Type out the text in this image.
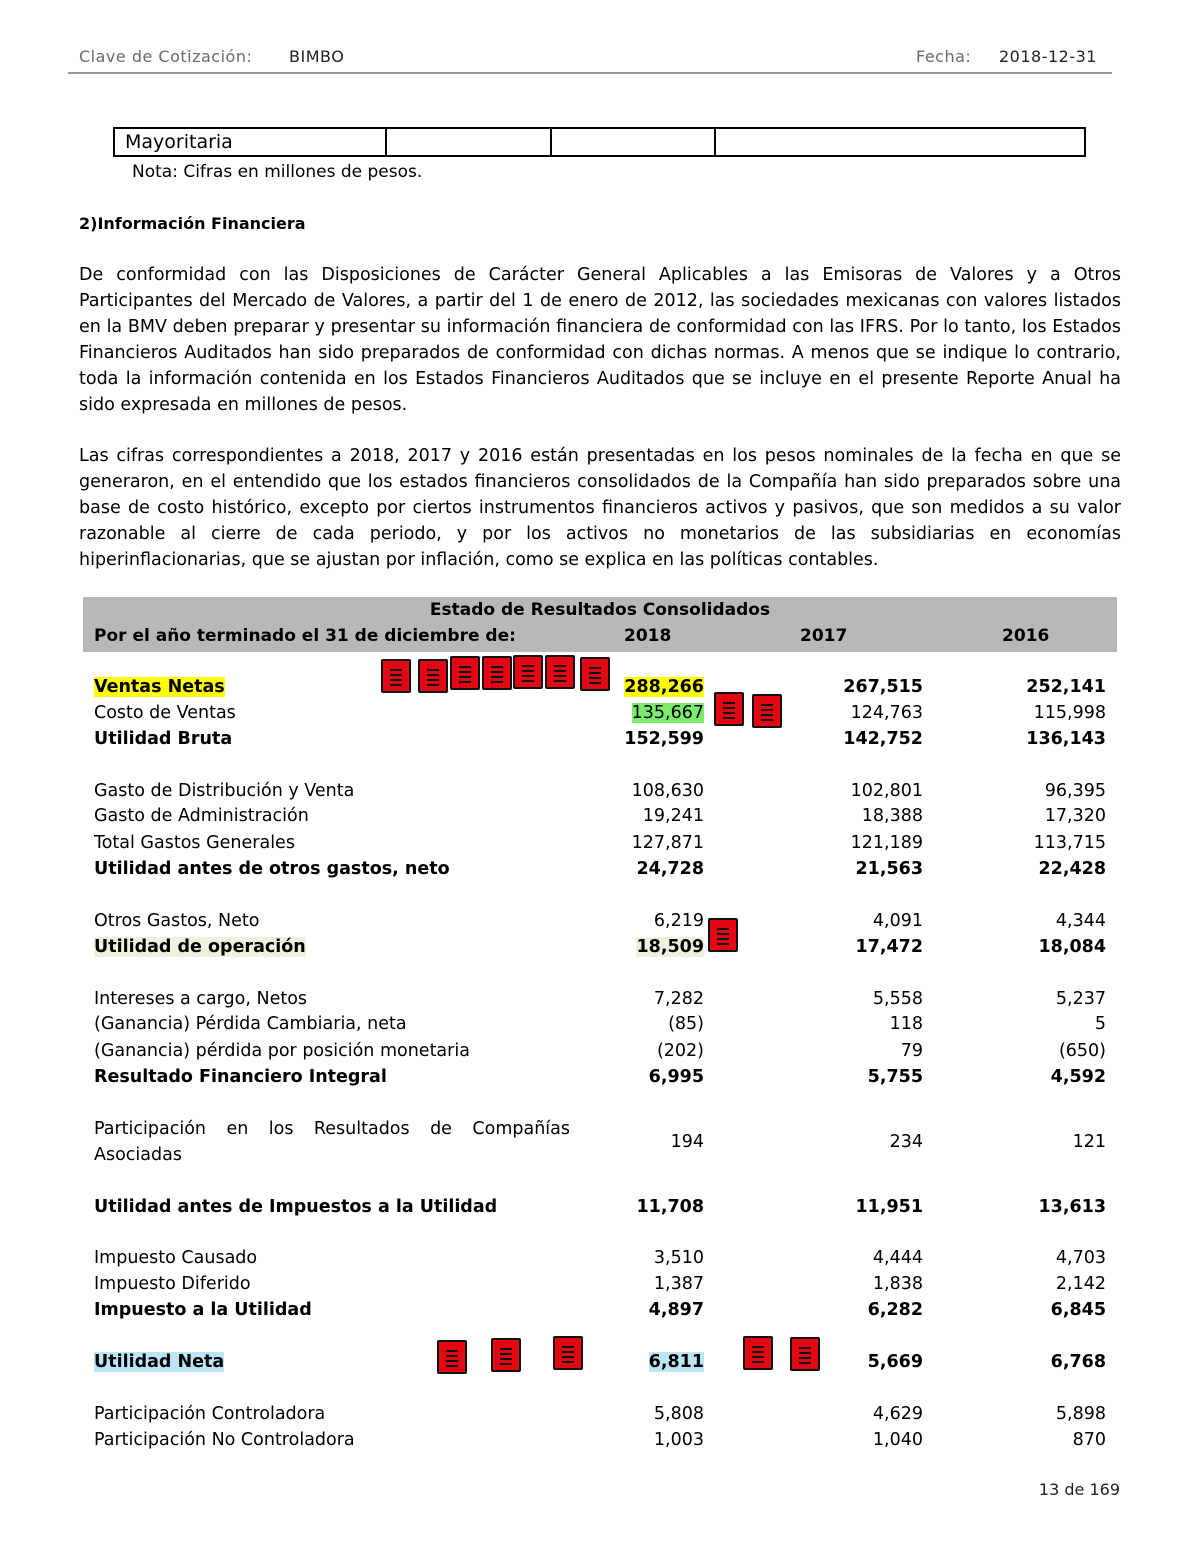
Clave de Cotización: BIMBO	Fecha: 2018-12-31
Mayoritaria
Nota: Cifras en millones de pesos.
2)Información Financiera

De conformidad con las Disposiciones de Carácter General Aplicables a las Emisoras de Valores y a Otros Participantes del Mercado de Valores, a partir del 1 de enero de 2012, las sociedades mexicanas con valores listados en la BMV deben preparar y presentar su información financiera de conformidad con las IFRS. Por lo tanto, los Estados Financieros Auditados han sido preparados de conformidad con dichas normas. A menos que se indique lo contrario, toda la información contenida en los Estados Financieros Auditados que se incluye en el presente Reporte Anual ha sido expresada en millones de pesos.

Las cifras correspondientes a 2018, 2017 y 2016 están presentadas en los pesos nominales de la fecha en que se generaron, en el entendido que los estados financieros consolidados de la Compañía han sido preparados sobre una base de costo histórico, excepto por ciertos instrumentos financieros activos y pasivos, que son medidos a su valor razonable al cierre de cada periodo, y por los activos no monetarios de las subsidiarias en economías hiperinflacionarias, que se ajustan por inflación, como se explica en las políticas contables.

Estado de Resultados Consolidados
Por el año terminado el 31 de diciembre de:	2018	2017	2016
Ventas Netas	288,266	267,515	252,141
Costo de Ventas	135,667	124,763	115,998
Utilidad Bruta	152,599	142,752	136,143
Gasto de Distribución y Venta	108,630	102,801	96,395
Gasto de Administración	19,241	18,388	17,320
Total Gastos Generales	127,871	121,189	113,715
Utilidad antes de otros gastos, neto	24,728	21,563	22,428
Otros Gastos, Neto	6,219	4,091	4,344
Utilidad de operación	18,509	17,472	18,084
Intereses a cargo, Netos	7,282	5,558	5,237
(Ganancia) Pérdida Cambiaria, neta	(85)	118	5
(Ganancia) pérdida por posición monetaria	(202)	79	(650)
Resultado Financiero Integral	6,995	5,755	4,592
Participación en los Resultados de Compañías
Asociadas
194	234	121
Utilidad antes de Impuestos a la Utilidad	11,708	11,951	13,613
Impuesto Causado	3,510	4,444	4,703
Impuesto Diferido	1,387	1,838	2,142
Impuesto a la Utilidad	4,897	6,282	6,845
Utilidad Neta	6,811	5,669	6,768
Participación Controladora	5,808	4,629	5,898
Participación No Controladora	1,003	1,040	870
13 de 169
